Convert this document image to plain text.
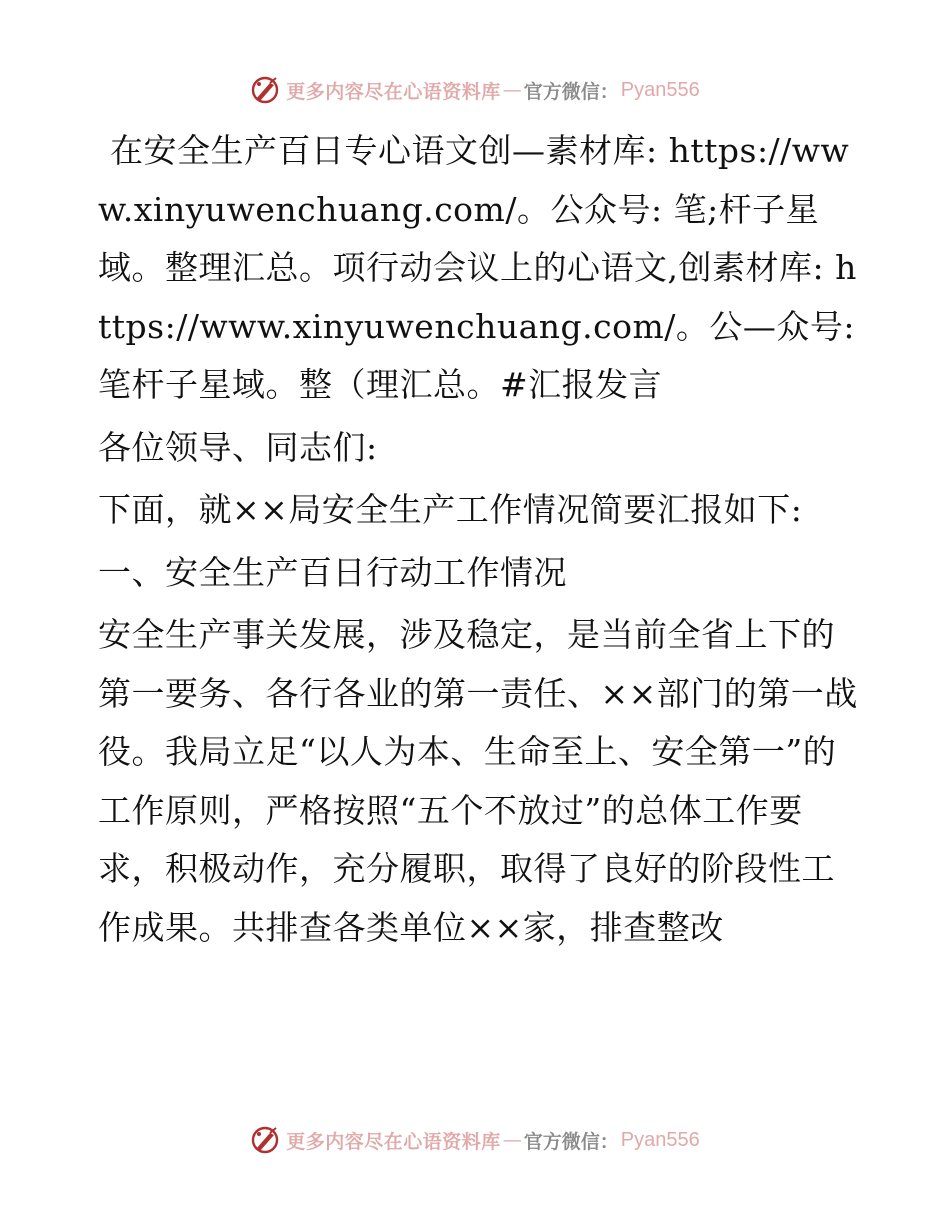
更多内容尽在心语资料库 — 官方微信： Pyan556

在安全生产百日专心语文创—素材库: https://www.xinyuwenchuang.com/。公众号: 笔;杆子星域。整理汇总。项行动会议上的心语文,创素材库: https://www.xinyuwenchuang.com/。公—众号: 笔杆子星域。整（理汇总。#汇报发言

各位领导、同志们:

下面，就××局安全生产工作情况简要汇报如下:

一、安全生产百日行动工作情况

安全生产事关发展，涉及稳定，是当前全省上下的第一要务、各行各业的第一责任、××部门的第一战役。我局立足“以人为本、生命至上、安全第一”的工作原则，严格按照“五个不放过”的总体工作要求，积极动作，充分履职，取得了良好的阶段性工作成果。共排查各类单位××家，排查整改

更多内容尽在心语资料库 — 官方微信： Pyan556
